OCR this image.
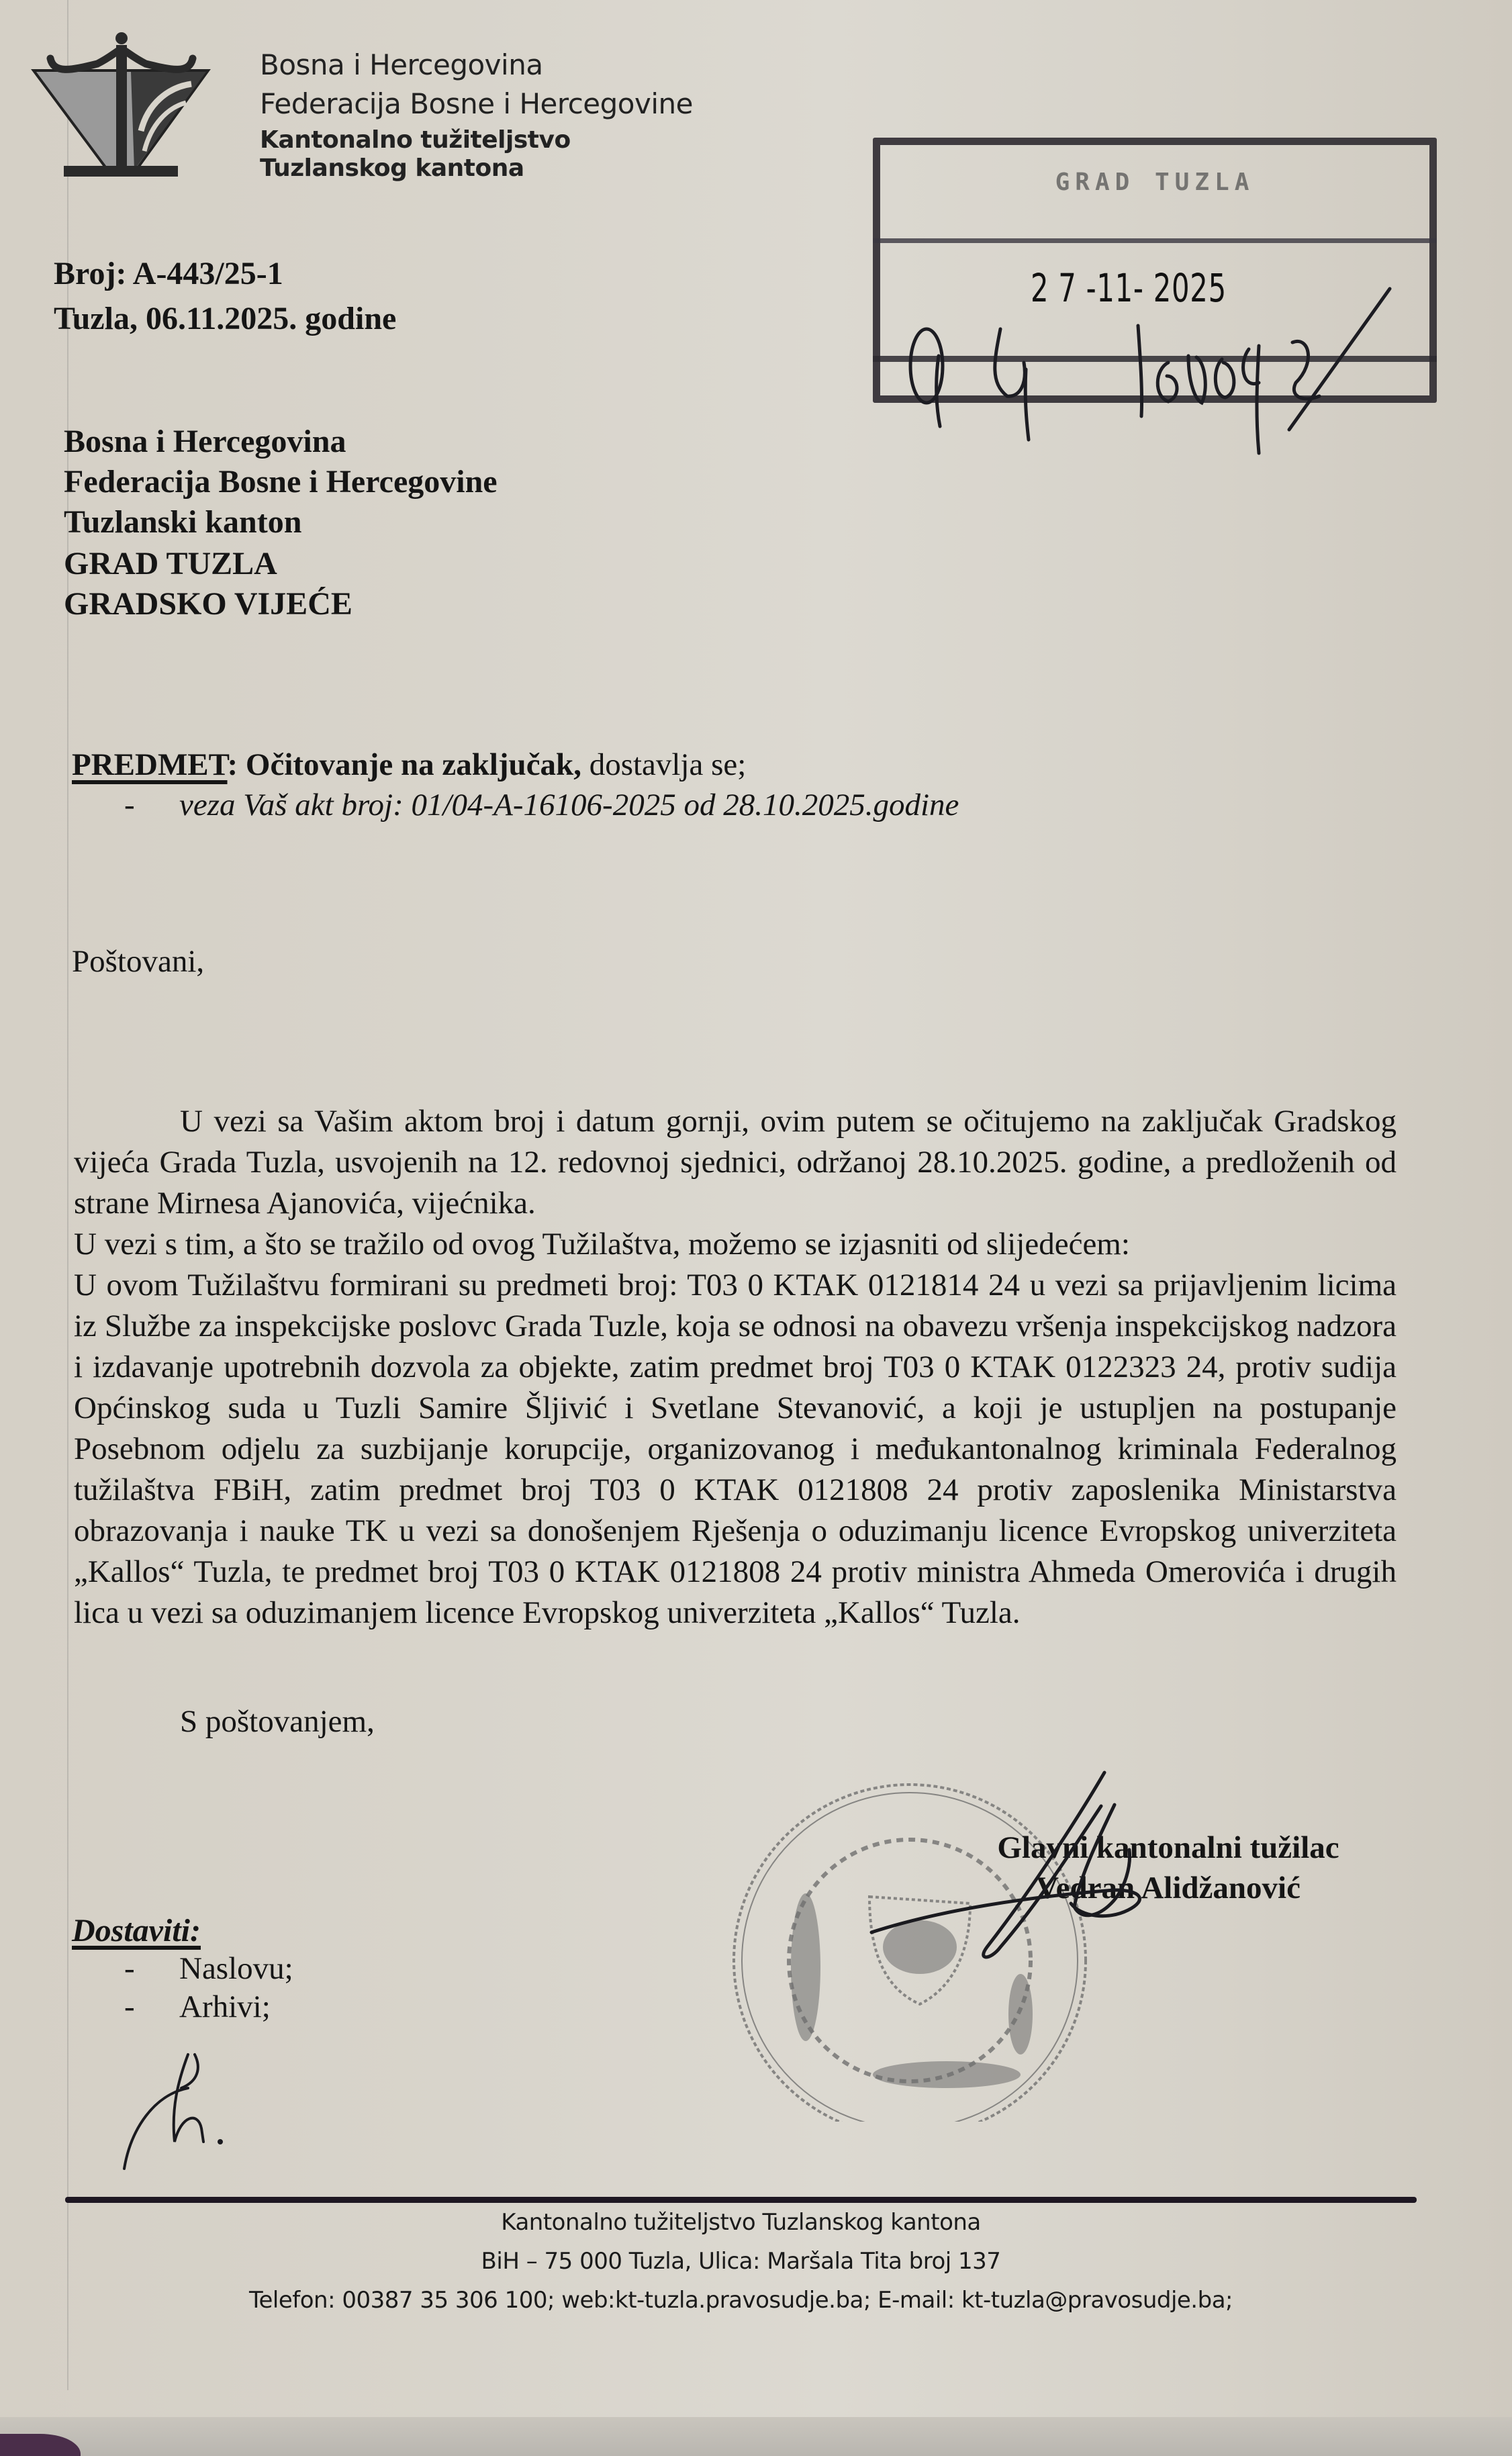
Bosna i Hercegovina
Federacija Bosne i Hercegovine
Kantonalno tužiteljstvo
Tuzlanskog kantona
Broj: A-443/25-1
Tuzla, 06.11.2025. godine
GRAD TUZLA
2 7 -11- 2025
Bosna i Hercegovina
Federacija Bosne i Hercegovine
Tuzlanski kanton
GRAD TUZLA
GRADSKO VIJEĆE
PREDMET: Očitovanje na zaključak, dostavlja se;
- veza Vaš akt broj: 01/04-A-16106-2025 od 28.10.2025.godine
Poštovani,

U vezi sa Vašim aktom broj i datum gornji, ovim putem se očitujemo na zaključak Gradskog vijeća Grada Tuzla, usvojenih na 12. redovnoj sjednici, održanoj 28.10.2025. godine, a predloženih od strane Mirnesa Ajanovića, vijećnika.

U vezi s tim, a što se tražilo od ovog Tužilaštva, možemo se izjasniti od slijedećem:

U ovom Tužilaštvu formirani su predmeti broj: T03 0 KTAK 0121814 24 u vezi sa prijavljenim licima iz Službe za inspekcijske poslovc Grada Tuzle, koja se odnosi na obavezu vršenja inspekcijskog nadzora i izdavanje upotrebnih dozvola za objekte, zatim predmet broj T03 0 KTAK 0122323 24, protiv sudija Općinskog suda u Tuzli Samire Šljivić i Svetlane Stevanović, a koji je ustupljen na postupanje Posebnom odjelu za suzbijanje korupcije, organizovanog i međukantonalnog kriminala Federalnog tužilaštva FBiH, zatim predmet broj T03 0 KTAK 0121808 24 protiv zaposlenika Ministarstva obrazovanja i nauke TK u vezi sa donošenjem Rješenja o oduzimanju licence Evropskog univerziteta „Kallos“ Tuzla, te predmet broj T03 0 KTAK 0121808 24 protiv ministra Ahmeda Omerovića i drugih lica u vezi sa oduzimanjem licence Evropskog univerziteta „Kallos“ Tuzla.

S poštovanjem,
Glavni kantonalni tužilac
Vedran Alidžanović
Dostaviti:
- Naslovu;
- Arhivi;
Kantonalno tužiteljstvo Tuzlanskog kantona
BiH – 75 000 Tuzla, Ulica: Maršala Tita broj 137
Telefon: 00387 35 306 100; web:kt-tuzla.pravosudje.ba; E-mail: kt-tuzla@pravosudje.ba;
